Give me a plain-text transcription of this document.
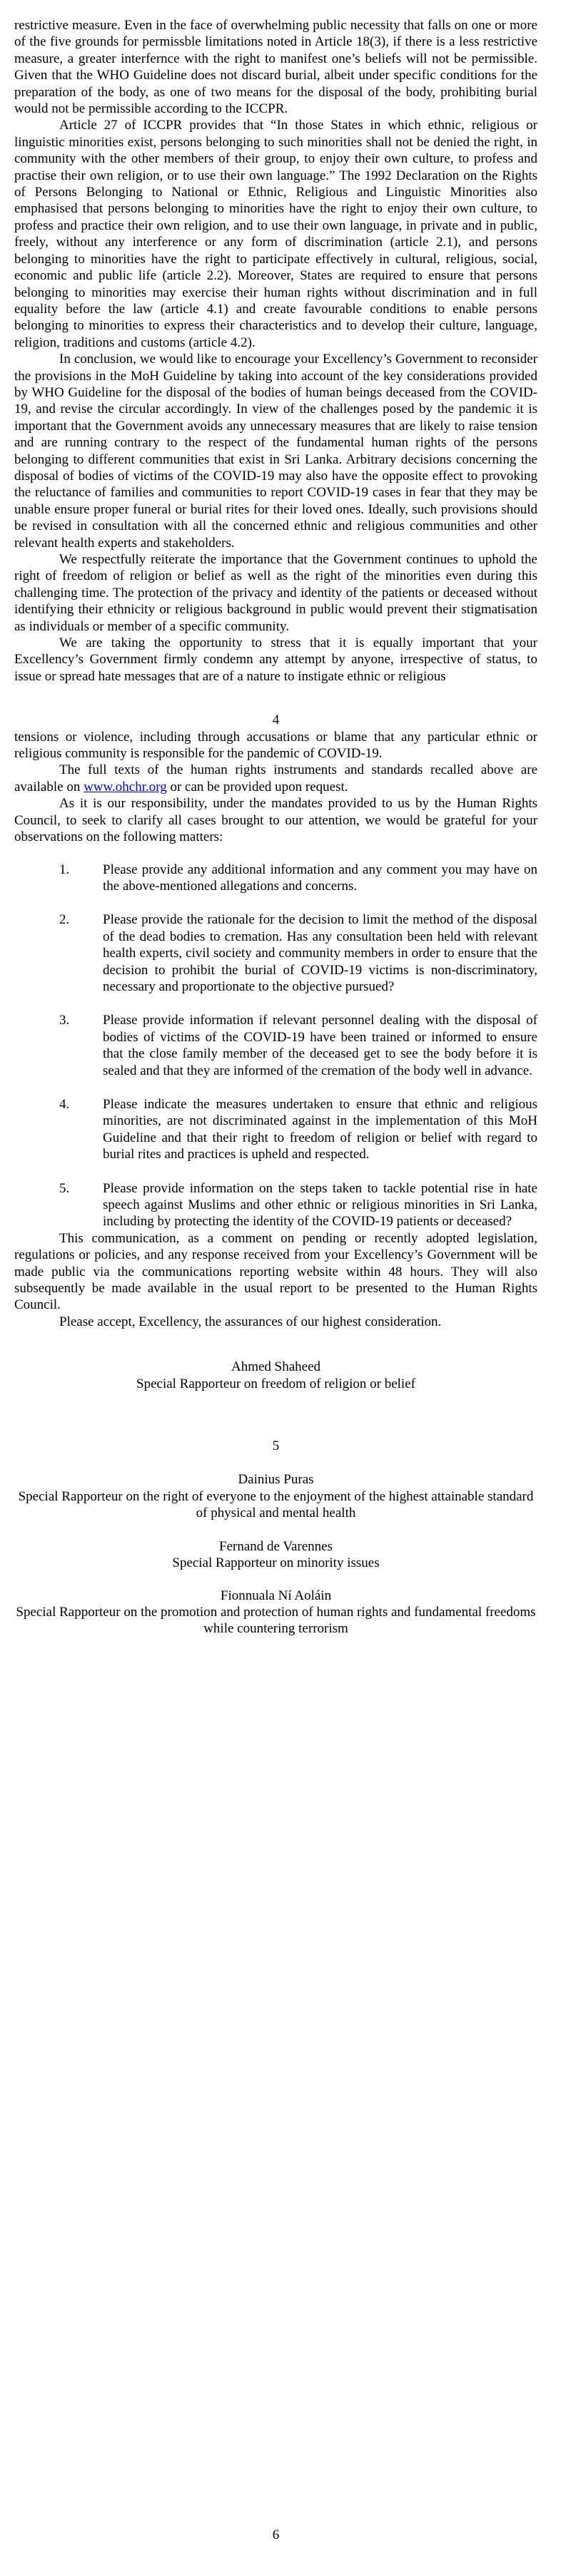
restrictive measure. Even in the face of overwhelming public necessity that falls on one or more of the five grounds for permissble limitations noted in Article 18(3), if there is a less restrictive measure, a greater interfernce with the right to manifest one’s beliefs will not be permissible. Given that the WHO Guideline does not discard burial, albeit under specific conditions for the preparation of the body, as one of two means for the disposal of the body, prohibiting burial would not be permissible according to the ICCPR.

Article 27 of ICCPR provides that “In those States in which ethnic, religious or linguistic minorities exist, persons belonging to such minorities shall not be denied the right, in community with the other members of their group, to enjoy their own culture, to profess and practise their own religion, or to use their own language.” The 1992 Declaration on the Rights of Persons Belonging to National or Ethnic, Religious and Linguistic Minorities also emphasised that persons belonging to minorities have the right to enjoy their own culture, to profess and practice their own religion, and to use their own language, in private and in public, freely, without any interference or any form of discrimination (article 2.1), and persons belonging to minorities have the right to participate effectively in cultural, religious, social, economic and public life (article 2.2). Moreover, States are required to ensure that persons belonging to minorities may exercise their human rights without discrimination and in full equality before the law (article 4.1) and create favourable conditions to enable persons belonging to minorities to express their characteristics and to develop their culture, language, religion, traditions and customs (article 4.2).

In conclusion, we would like to encourage your Excellency’s Government to reconsider the provisions in the MoH Guideline by taking into account of the key considerations provided by WHO Guideline for the disposal of the bodies of human beings deceased from the COVID-19, and revise the circular accordingly. In view of the challenges posed by the pandemic it is important that the Government avoids any unnecessary measures that are likely to raise tension and are running contrary to the respect of the fundamental human rights of the persons belonging to different communities that exist in Sri Lanka. Arbitrary decisions concerning the disposal of bodies of victims of the COVID-19 may also have the opposite effect to provoking the reluctance of families and communities to report COVID-19 cases in fear that they may be unable ensure proper funeral or burial rites for their loved ones. Ideally, such provisions should be revised in consultation with all the concerned ethnic and religious communities and other relevant health experts and stakeholders.

We respectfully reiterate the importance that the Government continues to uphold the right of freedom of religion or belief as well as the right of the minorities even during this challenging time. The protection of the privacy and identity of the patients or deceased without identifying their ethnicity or religious background in public would prevent their stigmatisation as individuals or member of a specific community.

We are taking the opportunity to stress that it is equally important that your Excellency’s Government firmly condemn any attempt by anyone, irrespective of status, to issue or spread hate messages that are of a nature to instigate ethnic or religious

4

tensions or violence, including through accusations or blame that any particular ethnic or religious community is responsible for the pandemic of COVID-19.

The full texts of the human rights instruments and standards recalled above are available on www.ohchr.org or can be provided upon request.

As it is our responsibility, under the mandates provided to us by the Human Rights Council, to seek to clarify all cases brought to our attention, we would be grateful for your observations on the following matters:

1.	Please provide any additional information and any comment you may have on the above-mentioned allegations and concerns.
2.	Please provide the rationale for the decision to limit the method of the disposal of the dead bodies to cremation. Has any consultation been held with relevant health experts, civil society and community members in order to ensure that the decision to prohibit the burial of COVID-19 victims is non-discriminatory, necessary and proportionate to the objective pursued?
3.	Please provide information if relevant personnel dealing with the disposal of bodies of victims of the COVID-19 have been trained or informed to ensure that the close family member of the deceased get to see the body before it is sealed and that they are informed of the cremation of the body well in advance.
4.	Please indicate the measures undertaken to ensure that ethnic and religious minorities, are not discriminated against in the implementation of this MoH Guideline and that their right to freedom of religion or belief with regard to burial rites and practices is upheld and respected.
5.	Please provide information on the steps taken to tackle potential rise in hate speech against Muslims and other ethnic or religious minorities in Sri Lanka, including by protecting the identity of the COVID-19 patients or deceased?

This communication, as a comment on pending or recently adopted legislation, regulations or policies, and any response received from your Excellency’s Government will be made public via the communications reporting website within 48 hours. They will also subsequently be made available in the usual report to be presented to the Human Rights Council.

Please accept, Excellency, the assurances of our highest consideration.

Ahmed Shaheed

Special Rapporteur on freedom of religion or belief

5

Dainius Puras

Special Rapporteur on the right of everyone to the enjoyment of the highest attainable standard of physical and mental health

Fernand de Varennes

Special Rapporteur on minority issues

Fionnuala Ní Aoláin

Special Rapporteur on the promotion and protection of human rights and fundamental freedoms while countering terrorism

6
